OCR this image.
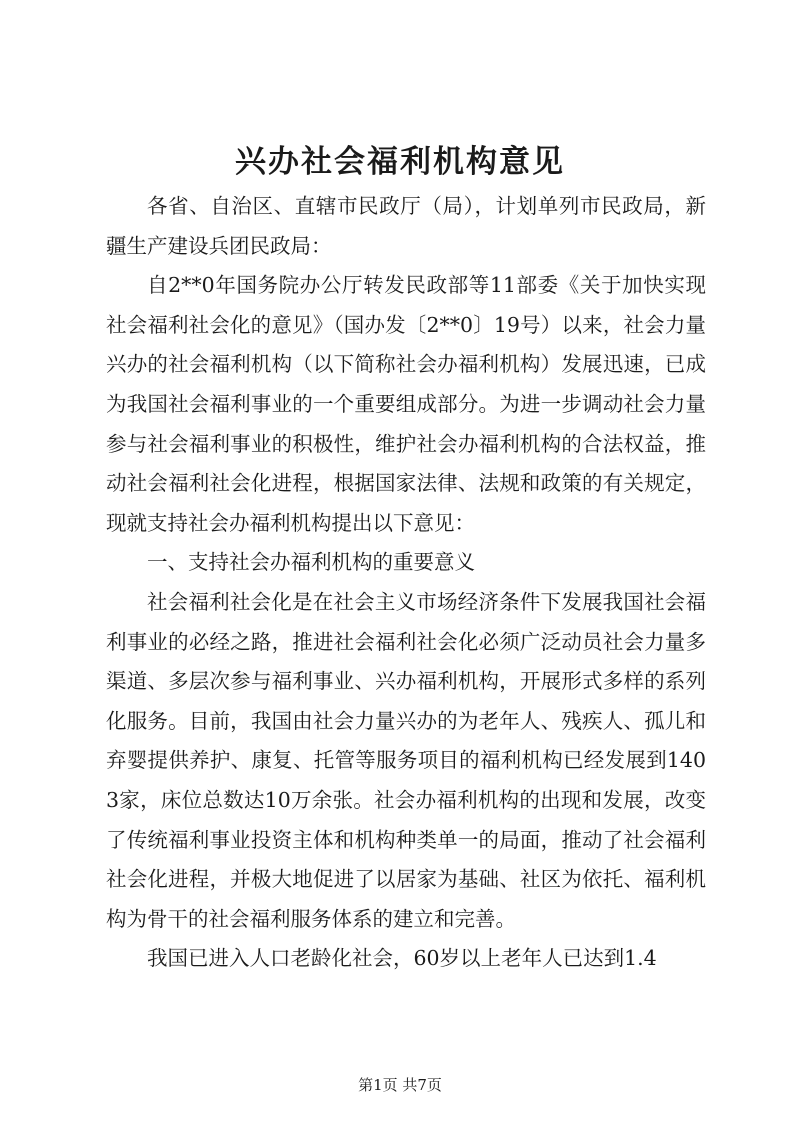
兴办社会福利机构意见

各省、自治区、直辖市民政厅（局），计划单列市民政局，新疆生产建设兵团民政局：

自2**0年国务院办公厅转发民政部等11部委《关于加快实现社会福利社会化的意见》（国办发〔2**0〕19号）以来，社会力量兴办的社会福利机构（以下简称社会办福利机构）发展迅速，已成为我国社会福利事业的一个重要组成部分。为进一步调动社会力量参与社会福利事业的积极性，维护社会办福利机构的合法权益，推动社会福利社会化进程，根据国家法律、法规和政策的有关规定，现就支持社会办福利机构提出以下意见：

一、支持社会办福利机构的重要意义

社会福利社会化是在社会主义市场经济条件下发展我国社会福利事业的必经之路，推进社会福利社会化必须广泛动员社会力量多渠道、多层次参与福利事业、兴办福利机构，开展形式多样的系列化服务。目前，我国由社会力量兴办的为老年人、残疾人、孤儿和弃婴提供养护、康复、托管等服务项目的福利机构已经发展到1403家，床位总数达10万余张。社会办福利机构的出现和发展，改变了传统福利事业投资主体和机构种类单一的局面，推动了社会福利社会化进程，并极大地促进了以居家为基础、社区为依托、福利机构为骨干的社会福利服务体系的建立和完善。

我国已进入人口老龄化社会，60岁以上老年人已达到1.4

第1页 共7页
